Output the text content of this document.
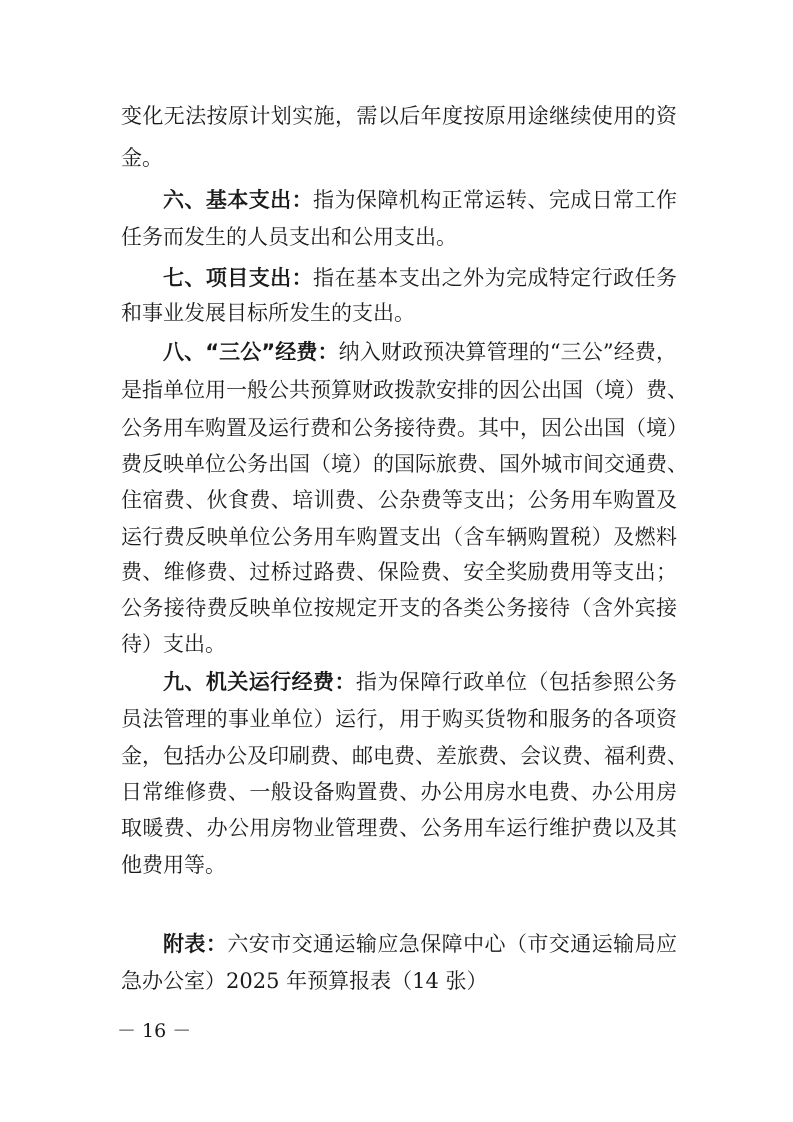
变化无法按原计划实施，需以后年度按原用途继续使用的资
金。
六、基本支出：指为保障机构正常运转、完成日常工作
任务而发生的人员支出和公用支出。
七、项目支出：指在基本支出之外为完成特定行政任务
和事业发展目标所发生的支出。
八、“三公”经费：纳入财政预决算管理的“三公”经费，
是指单位用一般公共预算财政拨款安排的因公出国（境）费、
公务用车购置及运行费和公务接待费。其中，因公出国（境）
费反映单位公务出国（境）的国际旅费、国外城市间交通费、
住宿费、伙食费、培训费、公杂费等支出；公务用车购置及
运行费反映单位公务用车购置支出（含车辆购置税）及燃料
费、维修费、过桥过路费、保险费、安全奖励费用等支出；
公务接待费反映单位按规定开支的各类公务接待（含外宾接
待）支出。
九、机关运行经费：指为保障行政单位（包括参照公务
员法管理的事业单位）运行，用于购买货物和服务的各项资
金，包括办公及印刷费、邮电费、差旅费、会议费、福利费、
日常维修费、一般设备购置费、办公用房水电费、办公用房
取暖费、办公用房物业管理费、公务用车运行维护费以及其
他费用等。
附表：六安市交通运输应急保障中心（市交通运输局应
急办公室）2025 年预算报表（14 张）
－ 16 －
